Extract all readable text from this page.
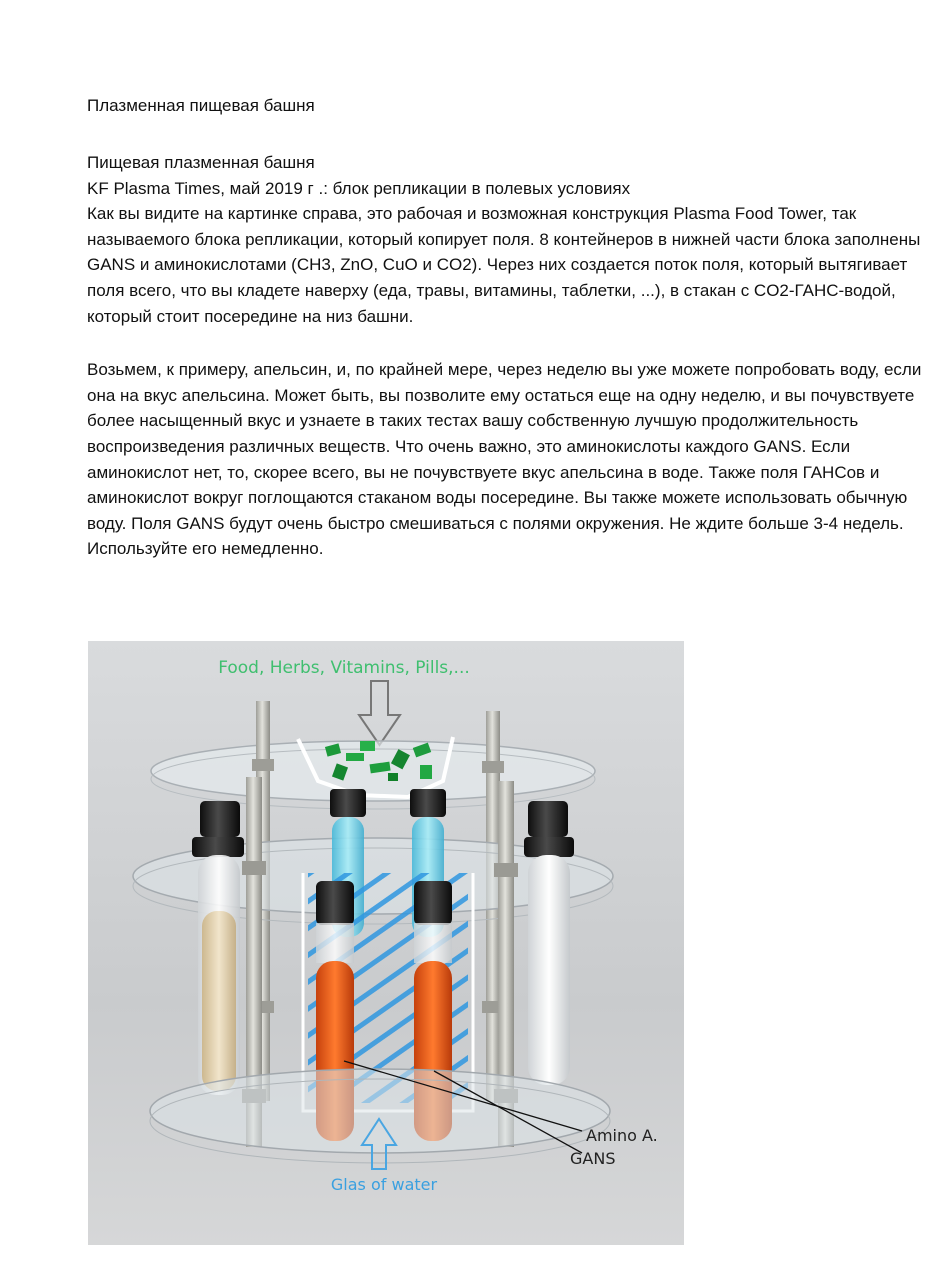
Плазменная пищевая башня

Пищевая плазменная башня

KF Plasma Times, май 2019 г .: блок репликации в полевых условиях

Как вы видите на картинке справа, это рабочая и возможная конструкция Plasma Food Tower, так называемого блока репликации, который копирует поля. 8 контейнеров в нижней части блока заполнены GANS и аминокислотами (CH3, ZnO, CuO и CO2). Через них создается поток поля, который вытягивает поля всего, что вы кладете наверху (еда, травы, витамины, таблетки, ...), в стакан с CO2-ГАНС-водой, который стоит посередине на низ башни.

Возьмем, к примеру, апельсин, и, по крайней мере, через неделю вы уже можете попробовать воду, если она на вкус апельсина. Может быть, вы позволите ему остаться еще на одну неделю, и вы почувствуете более насыщенный вкус и узнаете в таких тестах вашу собственную лучшую продолжительность воспроизведения различных веществ. Что очень важно, это аминокислоты каждого GANS. Если аминокислот нет, то, скорее всего, вы не почувствуете вкус апельсина в воде. Также поля ГАНСов и аминокислот вокруг поглощаются стаканом воды посередине. Вы также можете использовать обычную воду. Поля GANS будут очень быстро смешиваться с полями окружения. Не ждите больше 3-4 недель. Используйте его немедленно.

Food, Herbs, Vitamins, Pills,...
Amino A.
GANS
Glas of water
